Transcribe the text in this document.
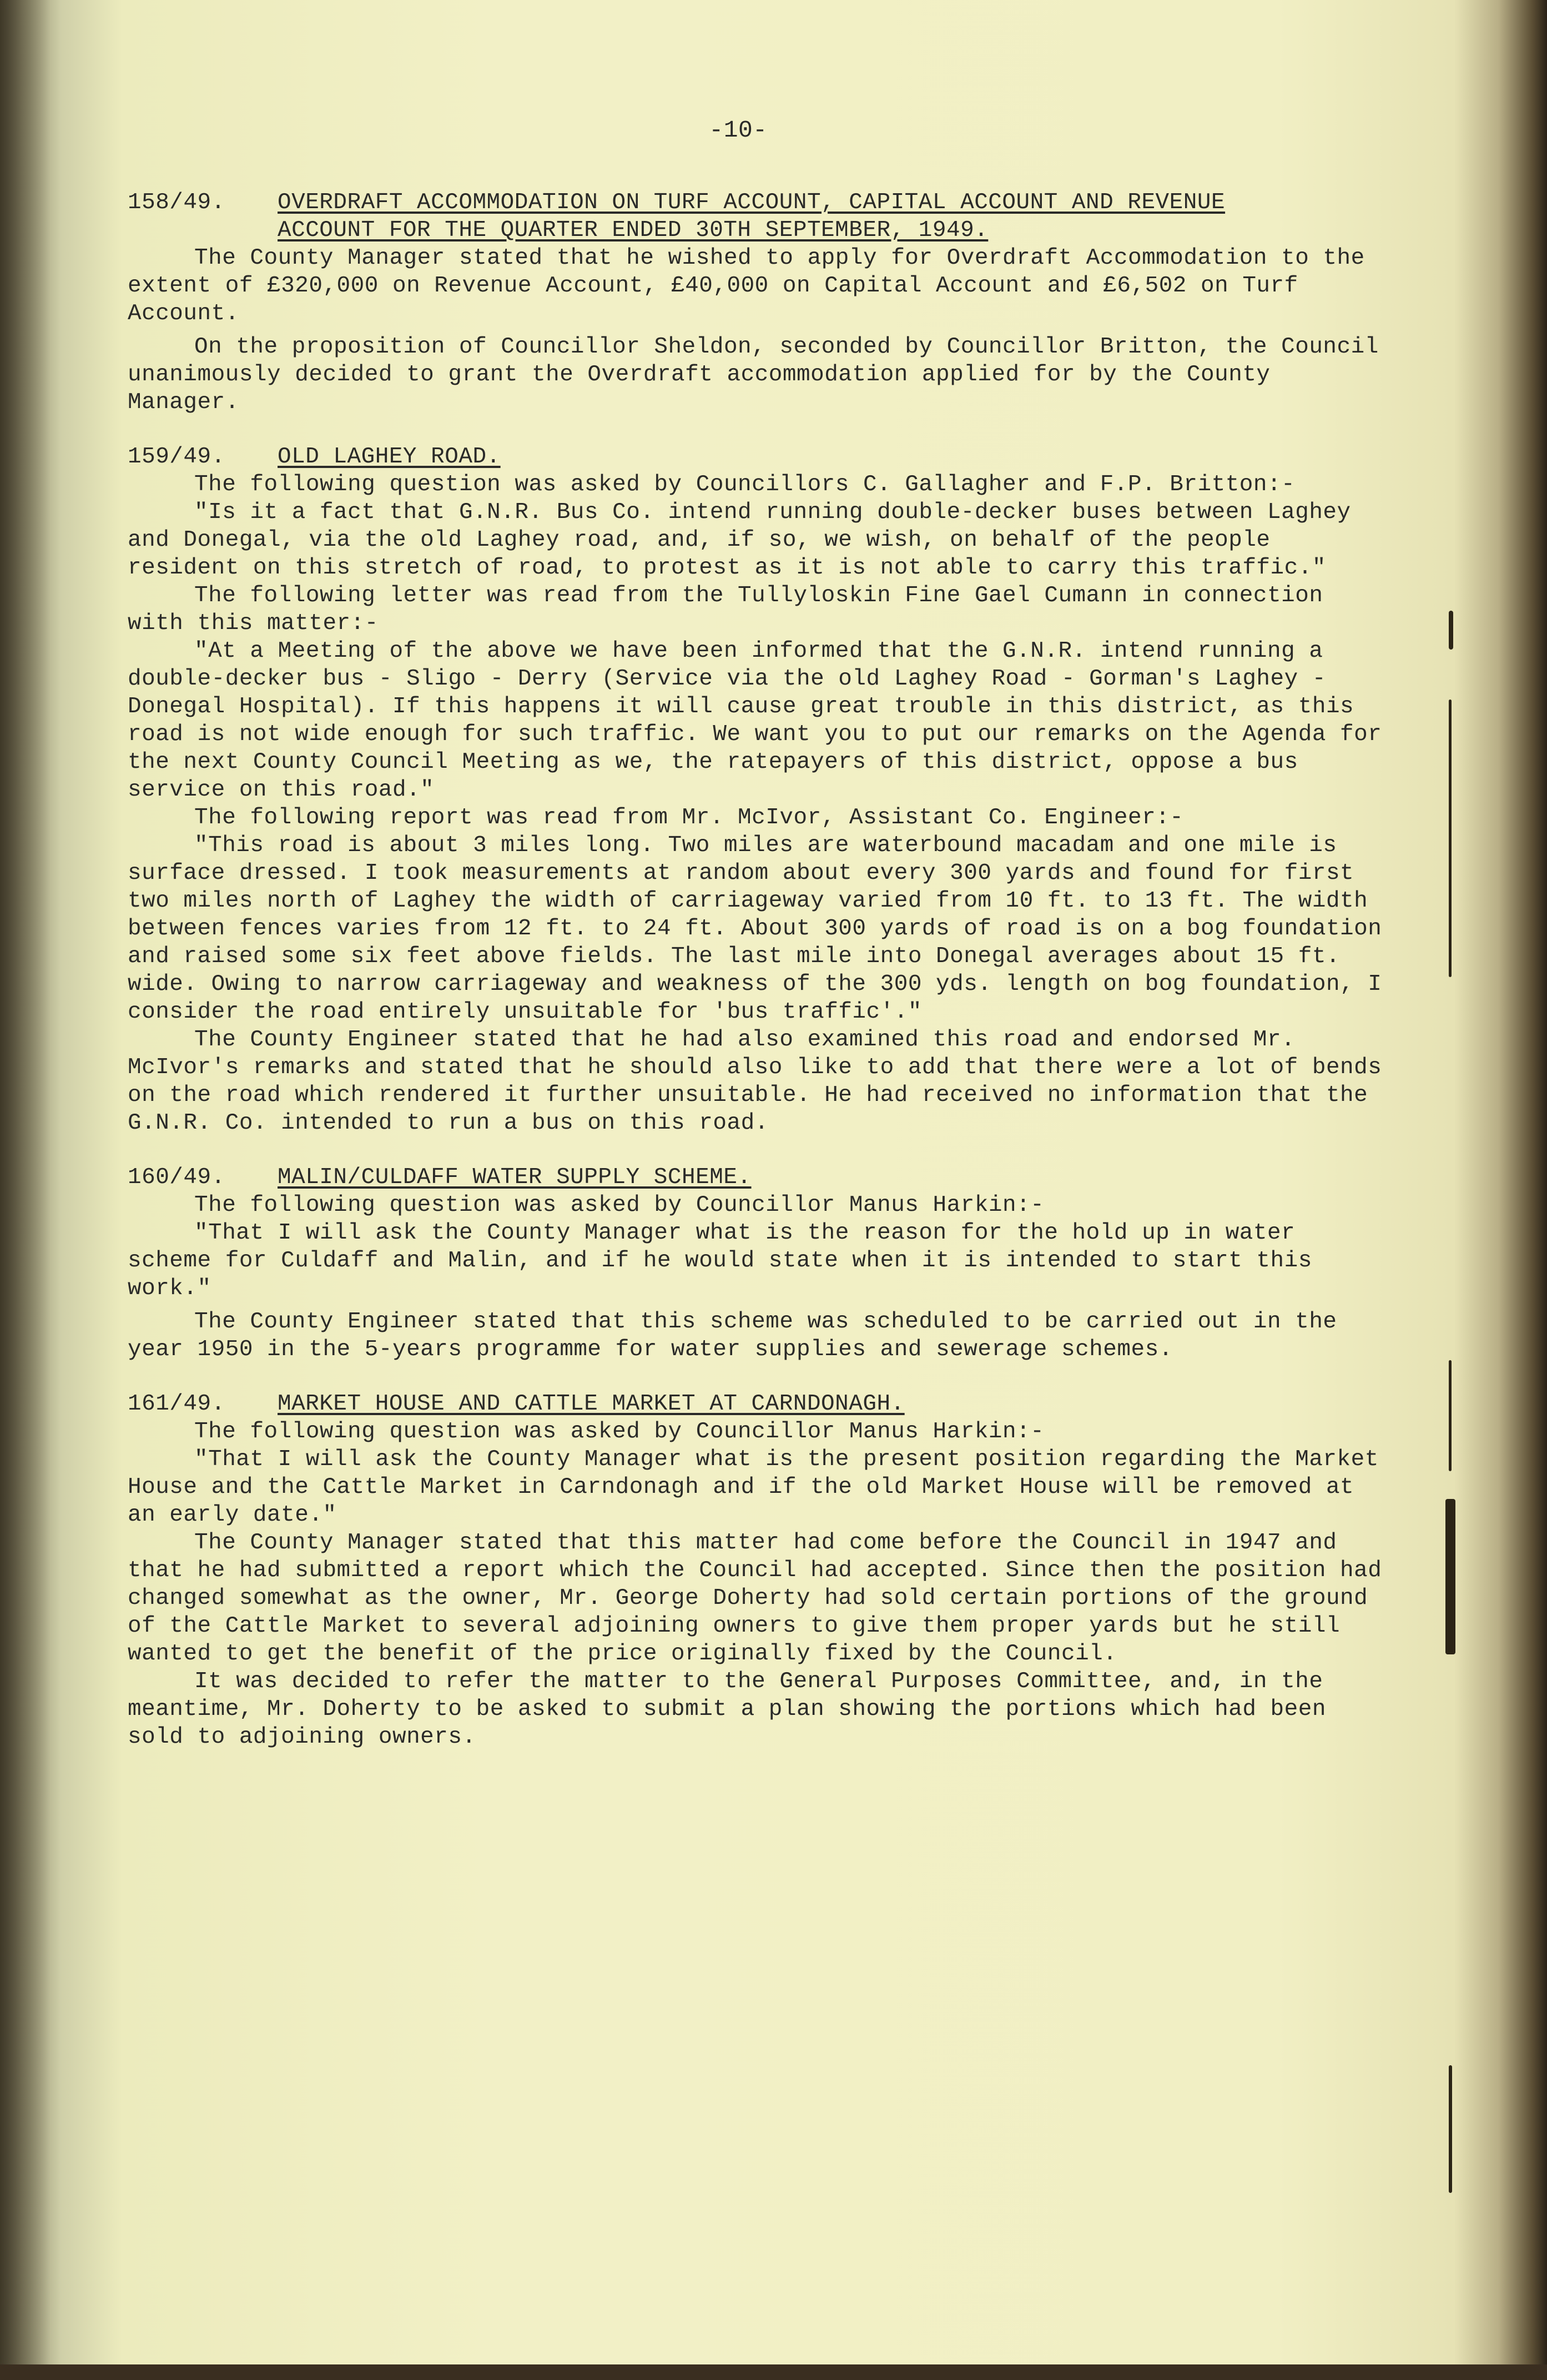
-10-
158/49.	OVERDRAFT ACCOMMODATION ON TURF ACCOUNT, CAPITAL ACCOUNT AND REVENUE
ACCOUNT FOR THE QUARTER ENDED 30TH SEPTEMBER, 1949.

The County Manager stated that he wished to apply for Overdraft Accommodation to the extent of £320,000 on Revenue Account, £40,000 on Capital Account and £6,502 on Turf Account.

On the proposition of Councillor Sheldon, seconded by Councillor Britton, the Council unanimously decided to grant the Overdraft accommodation applied for by the County Manager.

159/49.	OLD LAGHEY ROAD.

The following question was asked by Councillors C. Gallagher and F.P. Britton:-

"Is it a fact that G.N.R. Bus Co. intend running double-decker buses between Laghey and Donegal, via the old Laghey road, and, if so, we wish, on behalf of the people resident on this stretch of road, to protest as it is not able to carry this traffic."

The following letter was read from the Tullyloskin Fine Gael Cumann in connection with this matter:-

"At a Meeting of the above we have been informed that the G.N.R. intend running a double-decker bus - Sligo - Derry (Service via the old Laghey Road - Gorman's Laghey - Donegal Hospital). If this happens it will cause great trouble in this district, as this road is not wide enough for such traffic. We want you to put our remarks on the Agenda for the next County Council Meeting as we, the ratepayers of this district, oppose a bus service on this road."

The following report was read from Mr. McIvor, Assistant Co. Engineer:-

"This road is about 3 miles long. Two miles are waterbound macadam and one mile is surface dressed. I took measurements at random about every 300 yards and found for first two miles north of Laghey the width of carriageway varied from 10 ft. to 13 ft. The width between fences varies from 12 ft. to 24 ft. About 300 yards of road is on a bog foundation and raised some six feet above fields. The last mile into Donegal averages about 15 ft. wide. Owing to narrow carriageway and weakness of the 300 yds. length on bog foundation, I consider the road entirely unsuitable for 'bus traffic'."

The County Engineer stated that he had also examined this road and endorsed Mr. McIvor's remarks and stated that he should also like to add that there were a lot of bends on the road which rendered it further unsuitable. He had received no information that the G.N.R. Co. intended to run a bus on this road.

160/49.	MALIN/CULDAFF WATER SUPPLY SCHEME.

The following question was asked by Councillor Manus Harkin:-

"That I will ask the County Manager what is the reason for the hold up in water scheme for Culdaff and Malin, and if he would state when it is intended to start this work."

The County Engineer stated that this scheme was scheduled to be carried out in the year 1950 in the 5-years programme for water supplies and sewerage schemes.

161/49.	MARKET HOUSE AND CATTLE MARKET AT CARNDONAGH.

The following question was asked by Councillor Manus Harkin:-

"That I will ask the County Manager what is the present position regarding the Market House and the Cattle Market in Carndonagh and if the old Market House will be removed at an early date."

The County Manager stated that this matter had come before the Council in 1947 and that he had submitted a report which the Council had accepted. Since then the position had changed somewhat as the owner, Mr. George Doherty had sold certain portions of the ground of the Cattle Market to several adjoining owners to give them proper yards but he still wanted to get the benefit of the price originally fixed by the Council.

It was decided to refer the matter to the General Purposes Committee, and, in the meantime, Mr. Doherty to be asked to submit a plan showing the portions which had been sold to adjoining owners.
